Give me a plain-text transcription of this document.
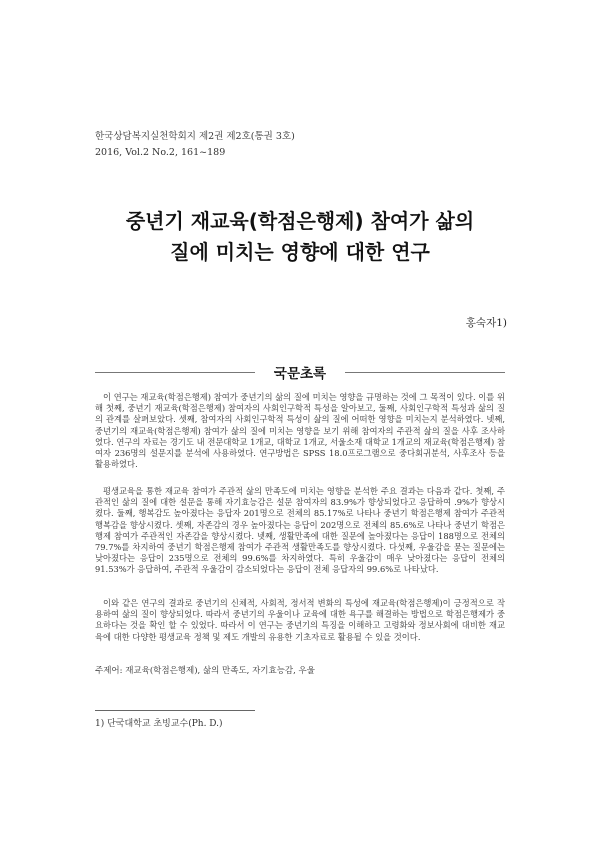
한국상담복지실천학회지 제2권 제2호(통권 3호)
2016, Vol.2 No.2, 161~189
중년기 재교육(학점은행제) 참여가 삶의
질에 미치는 영향에 대한 연구
홍숙자1)
국문초록

이 연구는 재교육(학점은행제) 참여가 중년기의 삶의 질에 미치는 영향을 규명하는 것에 그 목적이 있다. 이를 위해 첫째, 중년기 재교육(학점은행제) 참여자의 사회인구학적 특성을 알아보고, 둘째, 사회인구학적 특성과 삶의 질의 관계를 살펴보았다. 셋째, 참여자의 사회인구학적 특성이 삶의 질에 어떠한 영향을 미치는지 분석하였다. 넷째, 중년기의 재교육(학점은행제) 참여가 삶의 질에 미치는 영향을 보기 위해 참여자의 주관적 삶의 질을 사후 조사하였다. 연구의 자료는 경기도 내 전문대학교 1개교, 대학교 1개교, 서울소재 대학교 1개교의 재교육(학점은행제) 참여자 236명의 설문지를 분석에 사용하였다. 연구방법은 SPSS 18.0프로그램으로 중다회귀분석, 사후조사 등을 활용하였다.

평생교육을 통한 재교육 참여가 주관적 삶의 만족도에 미치는 영향을 분석한 주요 결과는 다음과 같다. 첫째, 주관적인 삶의 질에 대한 설문을 통해 자기효능감은 설문 참여자의 83.9%가 향상되었다고 응답하여 .9%가 향상시켰다. 둘째, 행복감도 높아졌다는 응답자 201명으로 전체의 85.17%로 나타나 중년기 학점은행제 참여가 주관적 행복감을 향상시켰다. 셋째, 자존감의 경우 높아졌다는 응답이 202명으로 전체의 85.6%로 나타나 중년기 학점은행제 참여가 주관적인 자존감을 향상시켰다. 넷째, 생활만족에 대한 질문에 높아졌다는 응답이 188명으로 전체의 79.7%를 차지하여 중년기 학점은행제 참여가 주관적 생활만족도를 향상시켰다. 다섯째, 우울감을 묻는 질문에는 낮아졌다는 응답이 235명으로 전체의 99.6%를 차지하였다. 특히 우울감이 매우 낮아졌다는 응답이 전체의 91.53%가 응답하여, 주관적 우울감이 감소되었다는 응답이 전체 응답자의 99.6%로 나타났다.

이와 같은 연구의 결과로 중년기의 신체적, 사회적, 정서적 변화의 특성에 재교육(학점은행제)이 긍정적으로 작용하여 삶의 질이 향상되었다. 따라서 중년기의 우울이나 교육에 대한 욕구를 해결하는 방법으로 학점은행제가 중요하다는 것을 확인 할 수 있었다. 따라서 이 연구는 중년기의 특징을 이해하고 고령화와 정보사회에 대비한 재교육에 대한 다양한 평생교육 정책 및 제도 개발의 유용한 기초자료로 활용될 수 있을 것이다.

주제어: 재교육(학점은행제), 삶의 만족도, 자기효능감, 우울

1) 단국대학교 초빙교수(Ph. D.)
